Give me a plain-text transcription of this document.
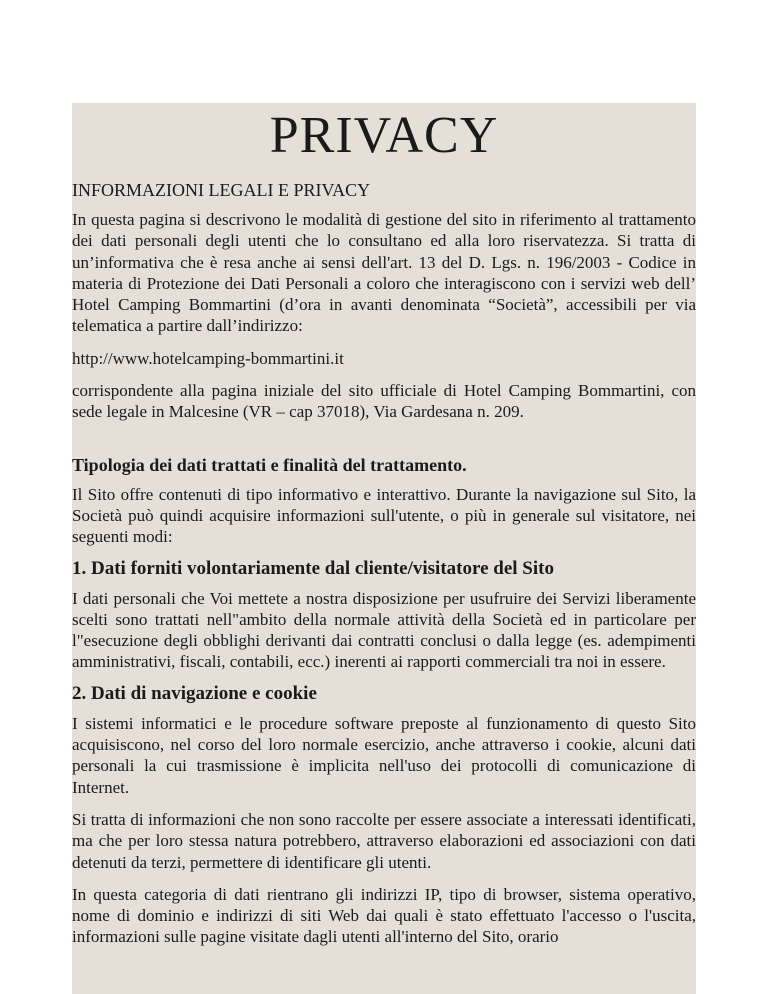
PRIVACY
INFORMAZIONI LEGALI E PRIVACY

In questa pagina si descrivono le modalità di gestione del sito in riferimento al trattamento dei dati personali degli utenti che lo consultano ed alla loro riservatezza. Si tratta di un’informativa che è resa anche ai sensi dell'art. 13 del D. Lgs. n. 196/2003 - Codice in materia di Protezione dei Dati Personali a coloro che interagiscono con i servizi web dell’ Hotel Camping Bommartini (d’ora in avanti denominata “Società”, accessibili per via telematica a partire dall’indirizzo:

http://www.hotelcamping-bommartini.it

corrispondente alla pagina iniziale del sito ufficiale di Hotel Camping Bommartini, con sede legale in Malcesine (VR – cap 37018), Via Gardesana n. 209.

Tipologia dei dati trattati e finalità del trattamento.

Il Sito offre contenuti di tipo informativo e interattivo. Durante la navigazione sul Sito, la Società può quindi acquisire informazioni sull'utente, o più in generale sul visitatore, nei seguenti modi:

1. Dati forniti volontariamente dal cliente/visitatore del Sito

I dati personali che Voi mettete a nostra disposizione per usufruire dei Servizi liberamente scelti sono trattati nell"ambito della normale attività della Società ed in particolare per l"esecuzione degli obblighi derivanti dai contratti conclusi o dalla legge (es. adempimenti amministrativi, fiscali, contabili, ecc.) inerenti ai rapporti commerciali tra noi in essere.

2. Dati di navigazione e cookie

I sistemi informatici e le procedure software preposte al funzionamento di questo Sito acquisiscono, nel corso del loro normale esercizio, anche attraverso i cookie, alcuni dati personali la cui trasmissione è implicita nell'uso dei protocolli di comunicazione di Internet.

Si tratta di informazioni che non sono raccolte per essere associate a interessati identificati, ma che per loro stessa natura potrebbero, attraverso elaborazioni ed associazioni con dati detenuti da terzi, permettere di identificare gli utenti.

In questa categoria di dati rientrano gli indirizzi IP, tipo di browser, sistema operativo, nome di dominio e indirizzi di siti Web dai quali è stato effettuato l'accesso o l'uscita, informazioni sulle pagine visitate dagli utenti all'interno del Sito, orario
